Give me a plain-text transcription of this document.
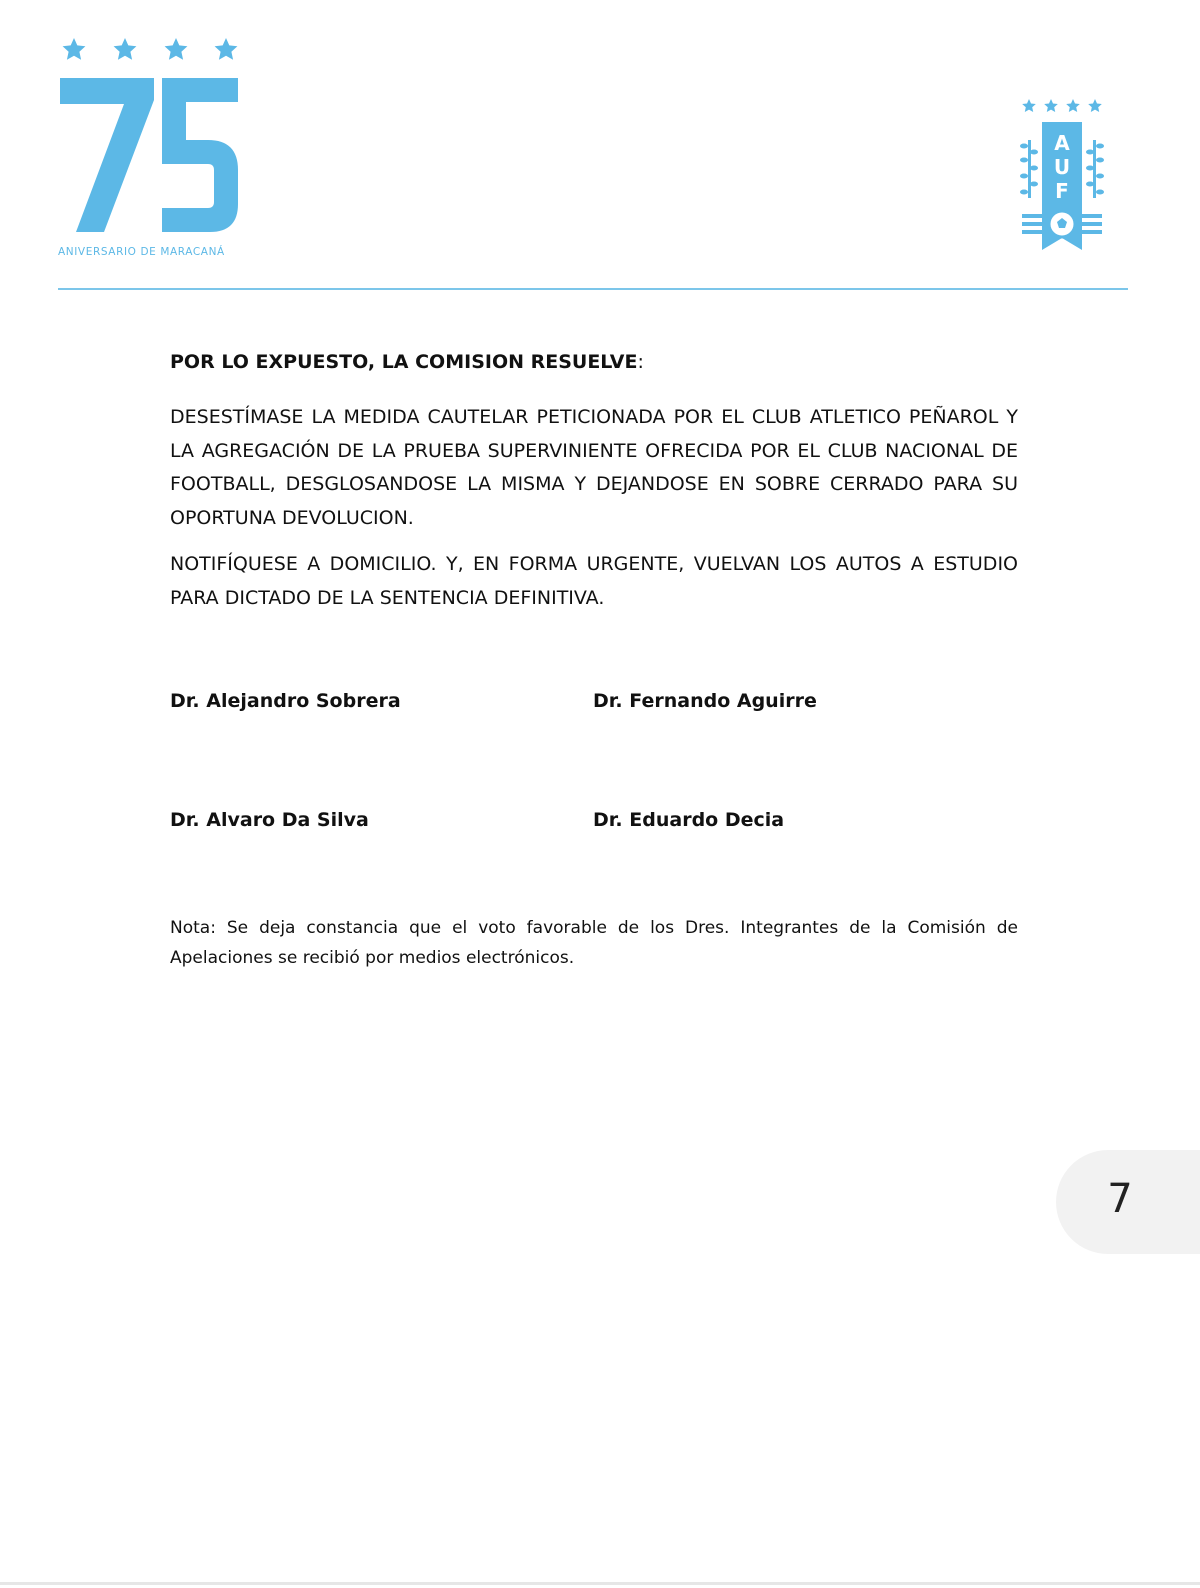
ANIVERSARIO DE MARACANÁ
A
U
F
POR LO EXPUESTO, LA COMISION RESUELVE:

DESESTÍMASE LA MEDIDA CAUTELAR PETICIONADA POR EL CLUB ATLETICO PEÑAROL Y LA AGREGACIÓN DE LA PRUEBA SUPERVINIENTE OFRECIDA POR EL CLUB NACIONAL DE FOOTBALL, DESGLOSANDOSE LA MISMA Y DEJANDOSE EN SOBRE CERRADO PARA SU OPORTUNA DEVOLUCION.

NOTIFÍQUESE A DOMICILIO. Y, EN FORMA URGENTE, VUELVAN LOS AUTOS A ESTUDIO PARA DICTADO DE LA SENTENCIA DEFINITIVA.

Dr. Alejandro Sobrera	Dr. Fernando Aguirre
Dr. Alvaro Da Silva	Dr. Eduardo Decia
Nota: Se deja constancia que el voto favorable de los Dres. Integrantes de la Comisión de Apelaciones se recibió por medios electrónicos.
7
